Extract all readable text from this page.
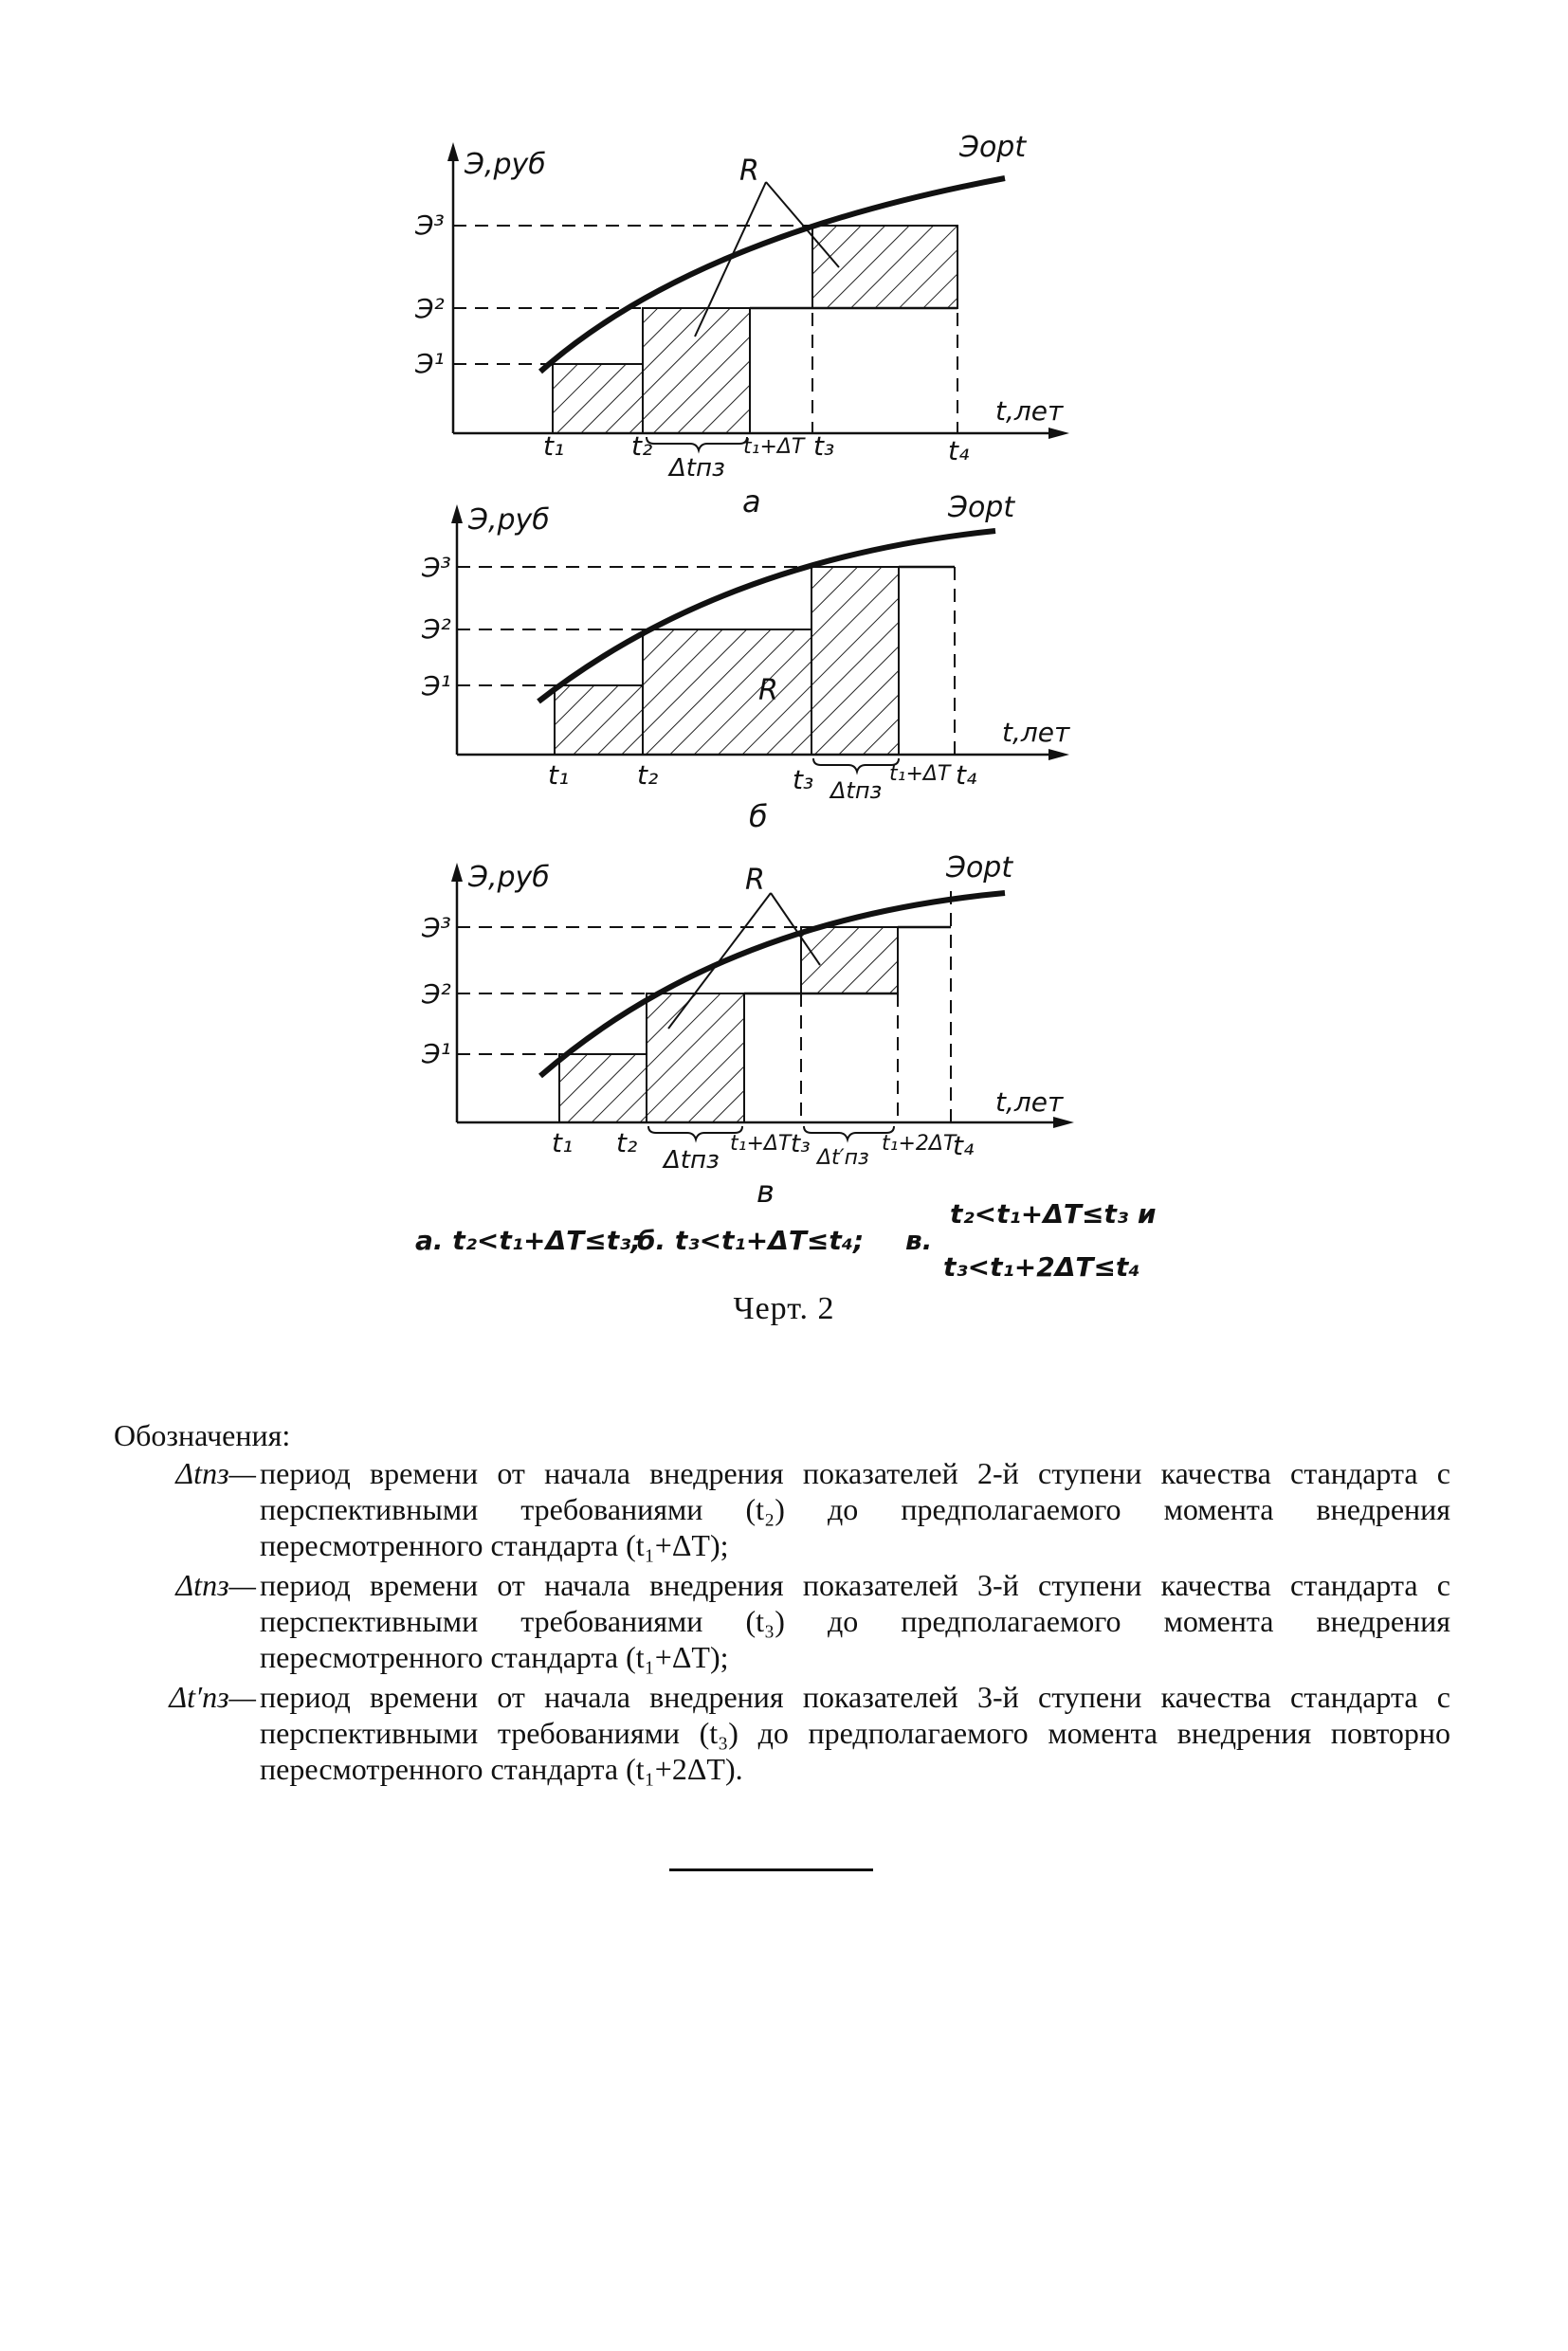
Э,руб
Эopt
R
Э¹
Э²
Э³
t,лет
t₁	t₂
Δtпз
t₁+ΔT t₃	t₄
а
Э,руб	Эopt
R
Э¹
Э²
Э³
t,лет
t₁	t₂	t₃ Δtпз
t₁+ΔT t₄
б
Э,руб	Эopt
R
Э¹
Э²
Э³
t,лет
t₁ t₂
Δtпз
t₁+ΔT t₃ Δt′пз
t₁+2ΔT
t₄
в
а. t₂<t₁+ΔT≤t₃;
б. t₃<t₁+ΔT≤t₄; в.
t₂<t₁+ΔT≤t₃ и
t₃<t₁+2ΔT≤t₄
Черт. 2
Обозначения:
Δtпз— период времени от начала внедрения показателей 2-й ступени качества стандарта с перспективными требованиями (t₂) до предполагаемого момента внедрения пересмотренного стандарта (t₁+ΔT);
Δtпз— период времени от начала внедрения показателей 3-й ступени качества стандарта с перспективными требованиями (t₃) до предполагаемого момента внедрения пересмотренного стандарта (t₁+ΔT);
Δt′пз— период времени от начала внедрения показателей 3-й ступени качества стандарта с перспективными требованиями (t₃) до предполагаемого момента внедрения повторно пересмотренного стандарта (t₁+2ΔT).
